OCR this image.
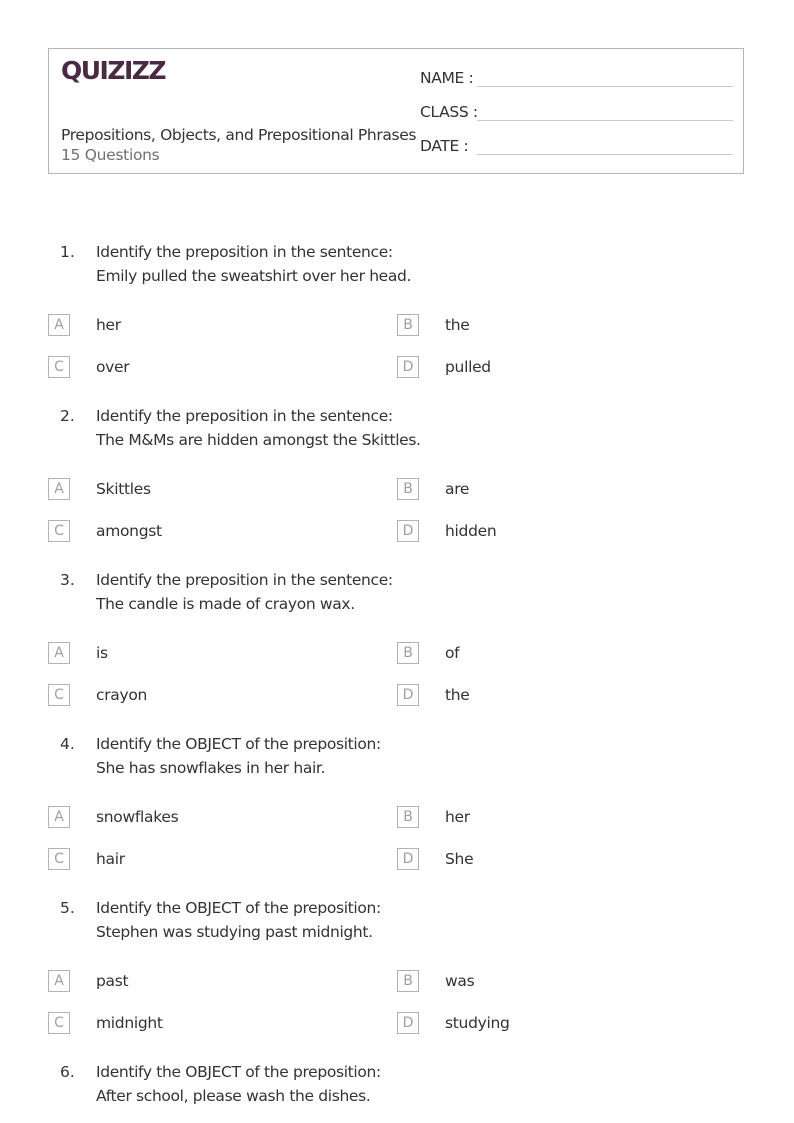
QUIZIZZ
Prepositions, Objects, and Prepositional Phrases
15 Questions
NAME :
CLASS :
DATE :
1. Identify the preposition in the sentence:
Emily pulled the sweatshirt over her head.
A	her	B	the
C	over	D	pulled
2. Identify the preposition in the sentence:
The M&Ms are hidden amongst the Skittles.
A	Skittles	B	are
C	amongst	D	hidden
3. Identify the preposition in the sentence:
The candle is made of crayon wax.
A	is	B	of
C	crayon	D	the
4. Identify the OBJECT of the preposition:
She has snowflakes in her hair.
A	snowflakes	B	her
C	hair	D	She
5. Identify the OBJECT of the preposition:
Stephen was studying past midnight.
A	past	B	was
C	midnight	D	studying
6. Identify the OBJECT of the preposition:
After school, please wash the dishes.
